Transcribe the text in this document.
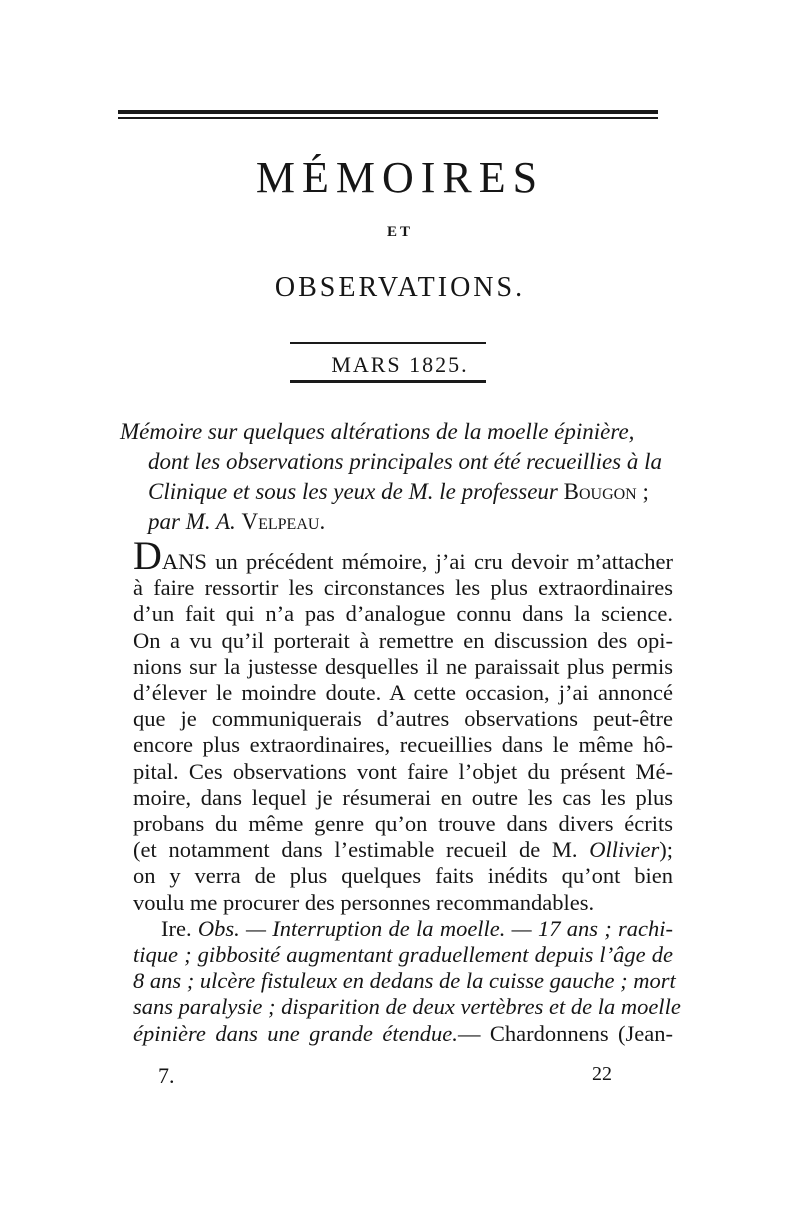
MÉMOIRES
ET
OBSERVATIONS.
MARS 1825.
Mémoire sur quelques altérations de la moelle épinière,
dont les observations principales ont été recueillies à la
Clinique et sous les yeux de M. le professeur Bougon ;
par M. A. Velpeau.
DANS un précédent mémoire, j’ai cru devoir m’attacher
à faire ressortir les circonstances les plus extraordinaires
d’un fait qui n’a pas d’analogue connu dans la science.
On a vu qu’il porterait à remettre en discussion des opi-
nions sur la justesse desquelles il ne paraissait plus permis
d’élever le moindre doute. A cette occasion, j’ai annoncé
que je communiquerais d’autres observations peut-être
encore plus extraordinaires, recueillies dans le même hô-
pital. Ces observations vont faire l’objet du présent Mé-
moire, dans lequel je résumerai en outre les cas les plus
probans du même genre qu’on trouve dans divers écrits
(et notamment dans l’estimable recueil de M. Ollivier);
on y verra de plus quelques faits inédits qu’ont bien
voulu me procurer des personnes recommandables.
Ire. Obs. — Interruption de la moelle. — 17 ans ; rachi-
tique ; gibbosité augmentant graduellement depuis l’âge de
8 ans ; ulcère fistuleux en dedans de la cuisse gauche ; mort
sans paralysie ; disparition de deux vertèbres et de la moelle
épinière dans une grande étendue.— Chardonnens (Jean-
7.	22
